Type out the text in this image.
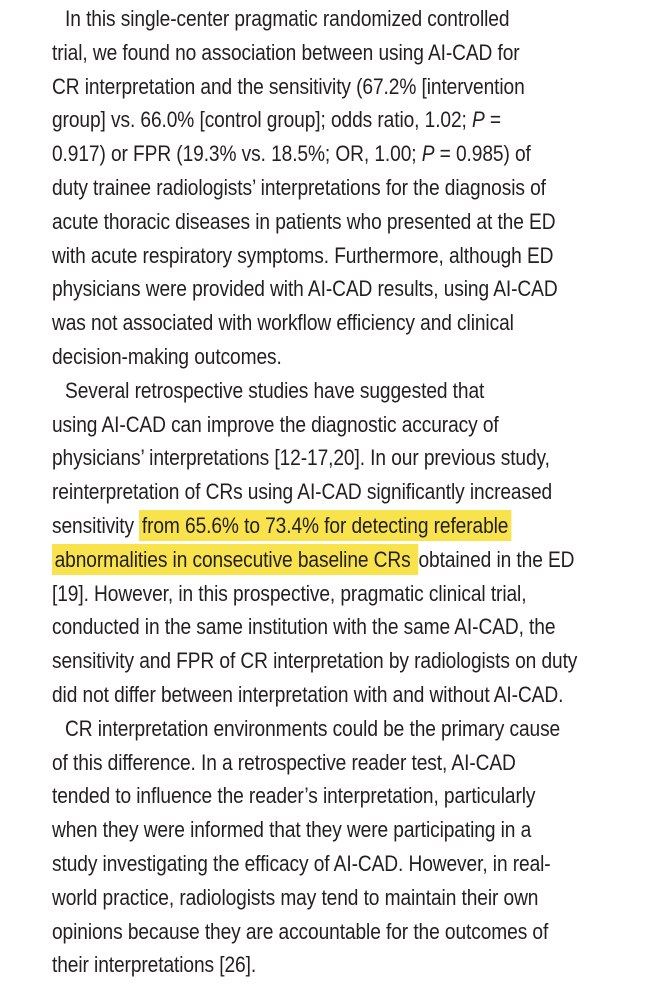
In this single-center pragmatic randomized controlled
trial, we found no association between using AI-CAD for
CR interpretation and the sensitivity (67.2% [intervention
group] vs. 66.0% [control group]; odds ratio, 1.02; P =
0.917) or FPR (19.3% vs. 18.5%; OR, 1.00; P = 0.985) of
duty trainee radiologists’ interpretations for the diagnosis of
acute thoracic diseases in patients who presented at the ED
with acute respiratory symptoms. Furthermore, although ED
physicians were provided with AI-CAD results, using AI-CAD
was not associated with workflow efficiency and clinical
decision-making outcomes.
Several retrospective studies have suggested that
using AI-CAD can improve the diagnostic accuracy of
physicians’ interpretations [12-17,20]. In our previous study,
reinterpretation of CRs using AI-CAD significantly increased
sensitivity from 65.6% to 73.4% for detecting referable
abnormalities in consecutive baseline CRs obtained in the ED
[19]. However, in this prospective, pragmatic clinical trial,
conducted in the same institution with the same AI-CAD, the
sensitivity and FPR of CR interpretation by radiologists on duty
did not differ between interpretation with and without AI-CAD.
CR interpretation environments could be the primary cause
of this difference. In a retrospective reader test, AI-CAD
tended to influence the reader’s interpretation, particularly
when they were informed that they were participating in a
study investigating the efficacy of AI-CAD. However, in real-
world practice, radiologists may tend to maintain their own
opinions because they are accountable for the outcomes of
their interpretations [26].
